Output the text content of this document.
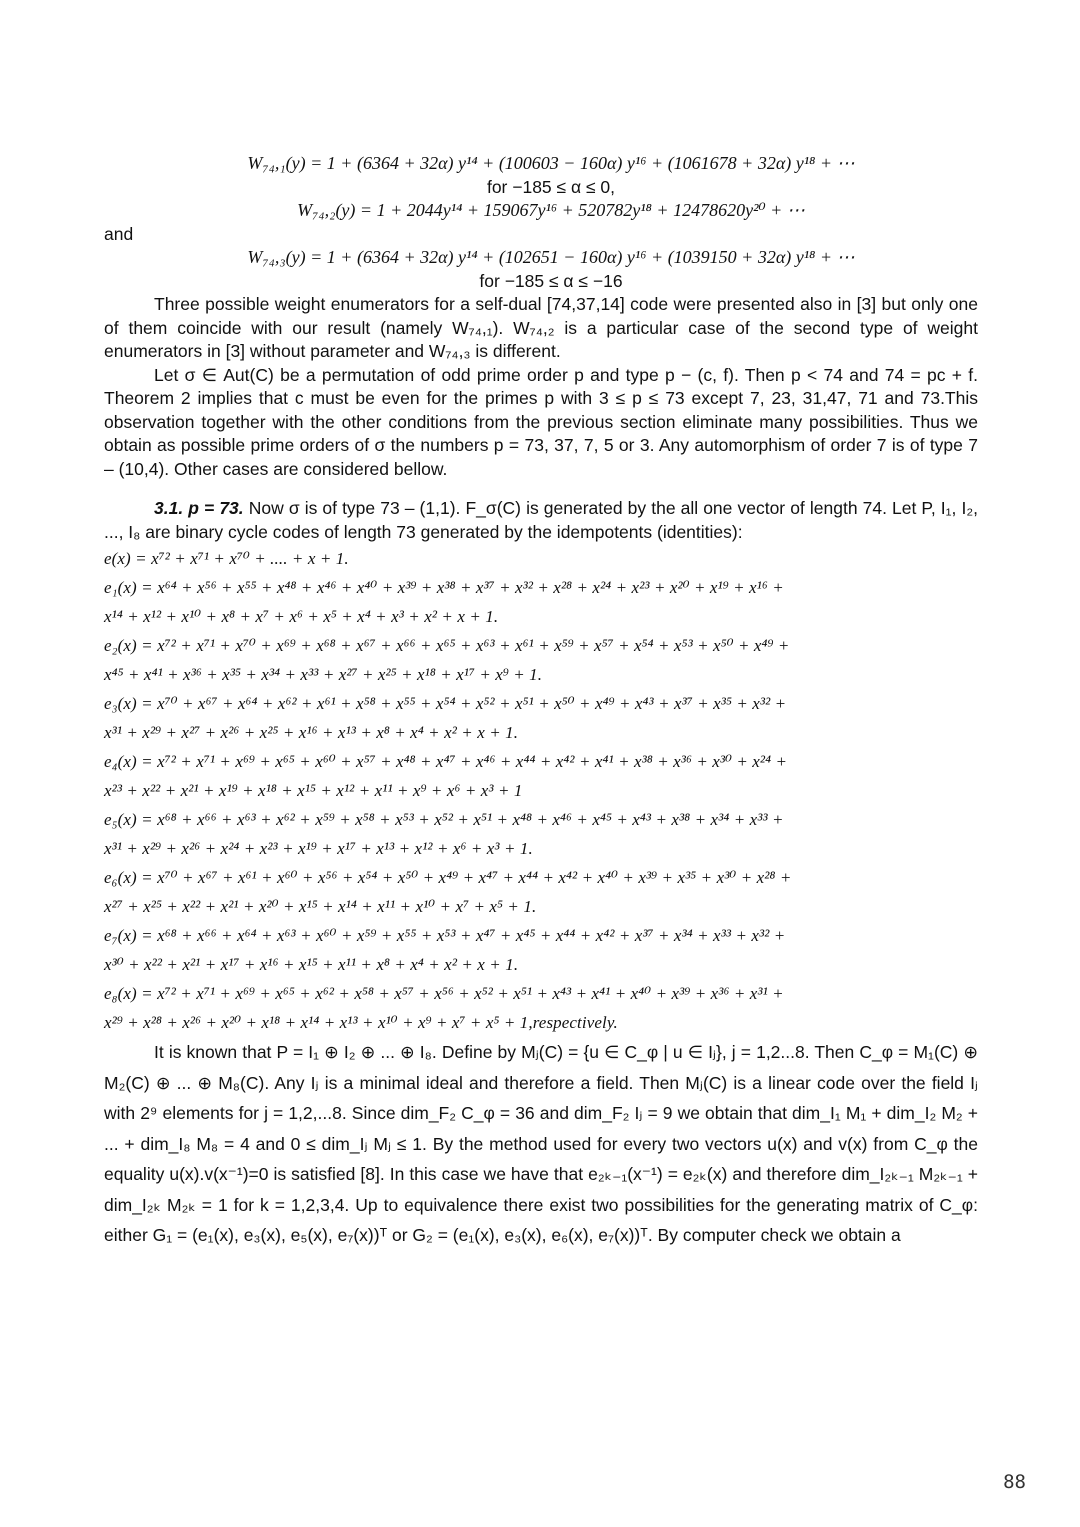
W₇₄,₁(y) = 1 + (6364 + 32α) y¹⁴ + (100603 − 160α) y¹⁶ + (1061678 + 32α) y¹⁸ + ⋯
for −185 ≤ α ≤ 0,
W₇₄,₂(y) = 1 + 2044y¹⁴ + 159067y¹⁶ + 520782y¹⁸ + 12478620y²⁰ + ⋯
and
W₇₄,₃(y) = 1 + (6364 + 32α) y¹⁴ + (102651 − 160α) y¹⁶ + (1039150 + 32α) y¹⁸ + ⋯
for −185 ≤ α ≤ −16

Three possible weight enumerators for a self-dual [74,37,14] code were presented also in [3] but only one of them coincide with our result (namely W₇₄,₁). W₇₄,₂ is a particular case of the second type of weight enumerators in [3] without parameter and W₇₄,₃ is different.

Let σ ∈ Aut(C) be a permutation of odd prime order p and type p − (c, f). Then p < 74 and 74 = pc + f. Theorem 2 implies that c must be even for the primes p with 3 ≤ p ≤ 73 except 7, 23, 31,47, 71 and 73.This observation together with the other conditions from the previous section eliminate many possibilities. Thus we obtain as possible prime orders of σ the numbers p = 73, 37, 7, 5 or 3. Any automorphism of order 7 is of type 7 – (10,4). Other cases are considered bellow.

3.1. p = 73. Now σ is of type 73 – (1,1). F_σ(C) is generated by the all one vector of length 74. Let P, I₁, I₂, ..., I₈ are binary cycle codes of length 73 generated by the idempotents (identities):

e(x) = x⁷² + x⁷¹ + x⁷⁰ + .... + x + 1.
e₁(x) = x⁶⁴ + x⁵⁶ + x⁵⁵ + x⁴⁸ + x⁴⁶ + x⁴⁰ + x³⁹ + x³⁸ + x³⁷ + x³² + x²⁸ + x²⁴ + x²³ + x²⁰ + x¹⁹ + x¹⁶ +
x¹⁴ + x¹² + x¹⁰ + x⁸ + x⁷ + x⁶ + x⁵ + x⁴ + x³ + x² + x + 1.
e₂(x) = x⁷² + x⁷¹ + x⁷⁰ + x⁶⁹ + x⁶⁸ + x⁶⁷ + x⁶⁶ + x⁶⁵ + x⁶³ + x⁶¹ + x⁵⁹ + x⁵⁷ + x⁵⁴ + x⁵³ + x⁵⁰ + x⁴⁹ +
x⁴⁵ + x⁴¹ + x³⁶ + x³⁵ + x³⁴ + x³³ + x²⁷ + x²⁵ + x¹⁸ + x¹⁷ + x⁹ + 1.
e₃(x) = x⁷⁰ + x⁶⁷ + x⁶⁴ + x⁶² + x⁶¹ + x⁵⁸ + x⁵⁵ + x⁵⁴ + x⁵² + x⁵¹ + x⁵⁰ + x⁴⁹ + x⁴³ + x³⁷ + x³⁵ + x³² +
x³¹ + x²⁹ + x²⁷ + x²⁶ + x²⁵ + x¹⁶ + x¹³ + x⁸ + x⁴ + x² + x + 1.
e₄(x) = x⁷² + x⁷¹ + x⁶⁹ + x⁶⁵ + x⁶⁰ + x⁵⁷ + x⁴⁸ + x⁴⁷ + x⁴⁶ + x⁴⁴ + x⁴² + x⁴¹ + x³⁸ + x³⁶ + x³⁰ + x²⁴ +
x²³ + x²² + x²¹ + x¹⁹ + x¹⁸ + x¹⁵ + x¹² + x¹¹ + x⁹ + x⁶ + x³ + 1
e₅(x) = x⁶⁸ + x⁶⁶ + x⁶³ + x⁶² + x⁵⁹ + x⁵⁸ + x⁵³ + x⁵² + x⁵¹ + x⁴⁸ + x⁴⁶ + x⁴⁵ + x⁴³ + x³⁸ + x³⁴ + x³³ +
x³¹ + x²⁹ + x²⁶ + x²⁴ + x²³ + x¹⁹ + x¹⁷ + x¹³ + x¹² + x⁶ + x³ + 1.
e₆(x) = x⁷⁰ + x⁶⁷ + x⁶¹ + x⁶⁰ + x⁵⁶ + x⁵⁴ + x⁵⁰ + x⁴⁹ + x⁴⁷ + x⁴⁴ + x⁴² + x⁴⁰ + x³⁹ + x³⁵ + x³⁰ + x²⁸ +
x²⁷ + x²⁵ + x²² + x²¹ + x²⁰ + x¹⁵ + x¹⁴ + x¹¹ + x¹⁰ + x⁷ + x⁵ + 1.
e₇(x) = x⁶⁸ + x⁶⁶ + x⁶⁴ + x⁶³ + x⁶⁰ + x⁵⁹ + x⁵⁵ + x⁵³ + x⁴⁷ + x⁴⁵ + x⁴⁴ + x⁴² + x³⁷ + x³⁴ + x³³ + x³² +
x³⁰ + x²² + x²¹ + x¹⁷ + x¹⁶ + x¹⁵ + x¹¹ + x⁸ + x⁴ + x² + x + 1.
e₈(x) = x⁷² + x⁷¹ + x⁶⁹ + x⁶⁵ + x⁶² + x⁵⁸ + x⁵⁷ + x⁵⁶ + x⁵² + x⁵¹ + x⁴³ + x⁴¹ + x⁴⁰ + x³⁹ + x³⁶ + x³¹ +
x²⁹ + x²⁸ + x²⁶ + x²⁰ + x¹⁸ + x¹⁴ + x¹³ + x¹⁰ + x⁹ + x⁷ + x⁵ + 1,respectively.

It is known that P = I₁ ⊕ I₂ ⊕ ... ⊕ I₈. Define by Mⱼ(C) = {u ∈ C_φ | u ∈ Iⱼ}, j = 1,2...8. Then C_φ = M₁(C) ⊕ M₂(C) ⊕ ... ⊕ M₈(C). Any Iⱼ is a minimal ideal and therefore a field. Then Mⱼ(C) is a linear code over the field Iⱼ with 2⁹ elements for j = 1,2,...8. Since dim_F₂ C_φ = 36 and dim_F₂ Iⱼ = 9 we obtain that dim_I₁ M₁ + dim_I₂ M₂ + ... + dim_I₈ M₈ = 4 and 0 ≤ dim_Iⱼ Mⱼ ≤ 1. By the method used for every two vectors u(x) and v(x) from C_φ the equality u(x).v(x⁻¹)=0 is satisfied [8]. In this case we have that e₂ₖ₋₁(x⁻¹) = e₂ₖ(x) and therefore dim_I₂ₖ₋₁ M₂ₖ₋₁ + dim_I₂ₖ M₂ₖ = 1 for k = 1,2,3,4. Up to equivalence there exist two possibilities for the generating matrix of C_φ: either G₁ = (e₁(x), e₃(x), e₅(x), e₇(x))ᵀ or G₂ = (e₁(x), e₃(x), e₆(x), e₇(x))ᵀ. By computer check we obtain a

88
